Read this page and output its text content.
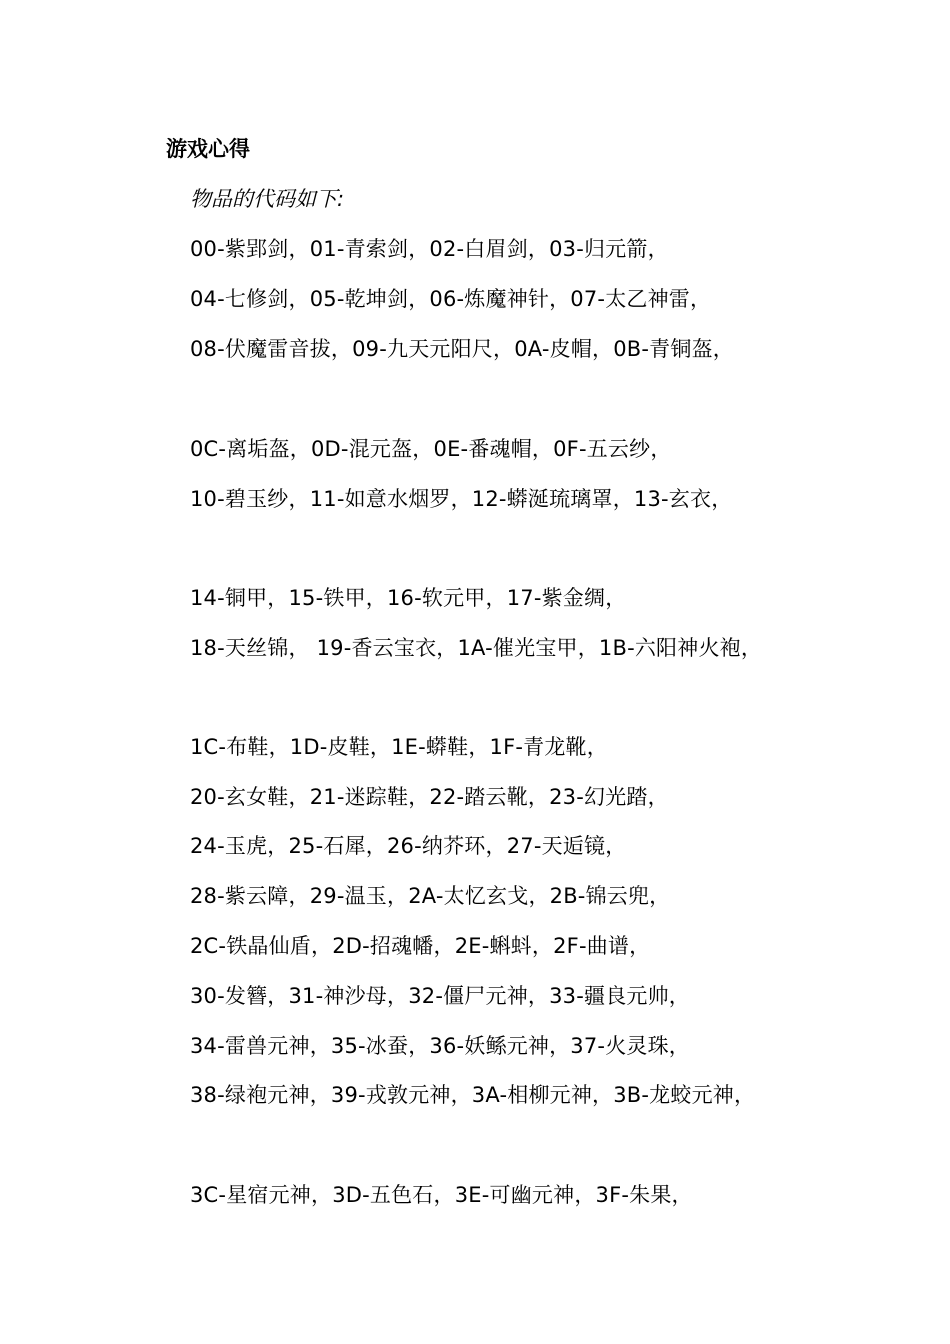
游戏心得
物品的代码如下:
00-紫郢剑，01-青索剑，02-白眉剑，03-归元箭，
04-七修剑，05-乾坤剑，06-炼魔神针，07-太乙神雷，
08-伏魔雷音拔，09-九天元阳尺，0A-皮帽，0B-青铜盔，
0C-离垢盔，0D-混元盔，0E-番魂帽，0F-五云纱，
10-碧玉纱，11-如意水烟罗，12-蟒涎琉璃罩，13-玄衣，
14-铜甲，15-铁甲，16-软元甲，17-紫金绸，
18-天丝锦， 19-香云宝衣，1A-催光宝甲，1B-六阳神火袍，
1C-布鞋，1D-皮鞋，1E-蟒鞋，1F-青龙靴，
20-玄女鞋，21-迷踪鞋，22-踏云靴，23-幻光踏，
24-玉虎，25-石犀，26-纳芥环，27-天逅镜，
28-紫云障，29-温玉，2A-太忆玄戈，2B-锦云兜，
2C-铁晶仙盾，2D-招魂幡，2E-蝌蚪，2F-曲谱，
30-发簪，31-神沙母，32-僵尸元神，33-疆良元帅，
34-雷兽元神，35-冰蚕，36-妖鲧元神，37-火灵珠，
38-绿袍元神，39-戎敦元神，3A-相柳元神，3B-龙蛟元神，
3C-星宿元神，3D-五色石，3E-可幽元神，3F-朱果，
